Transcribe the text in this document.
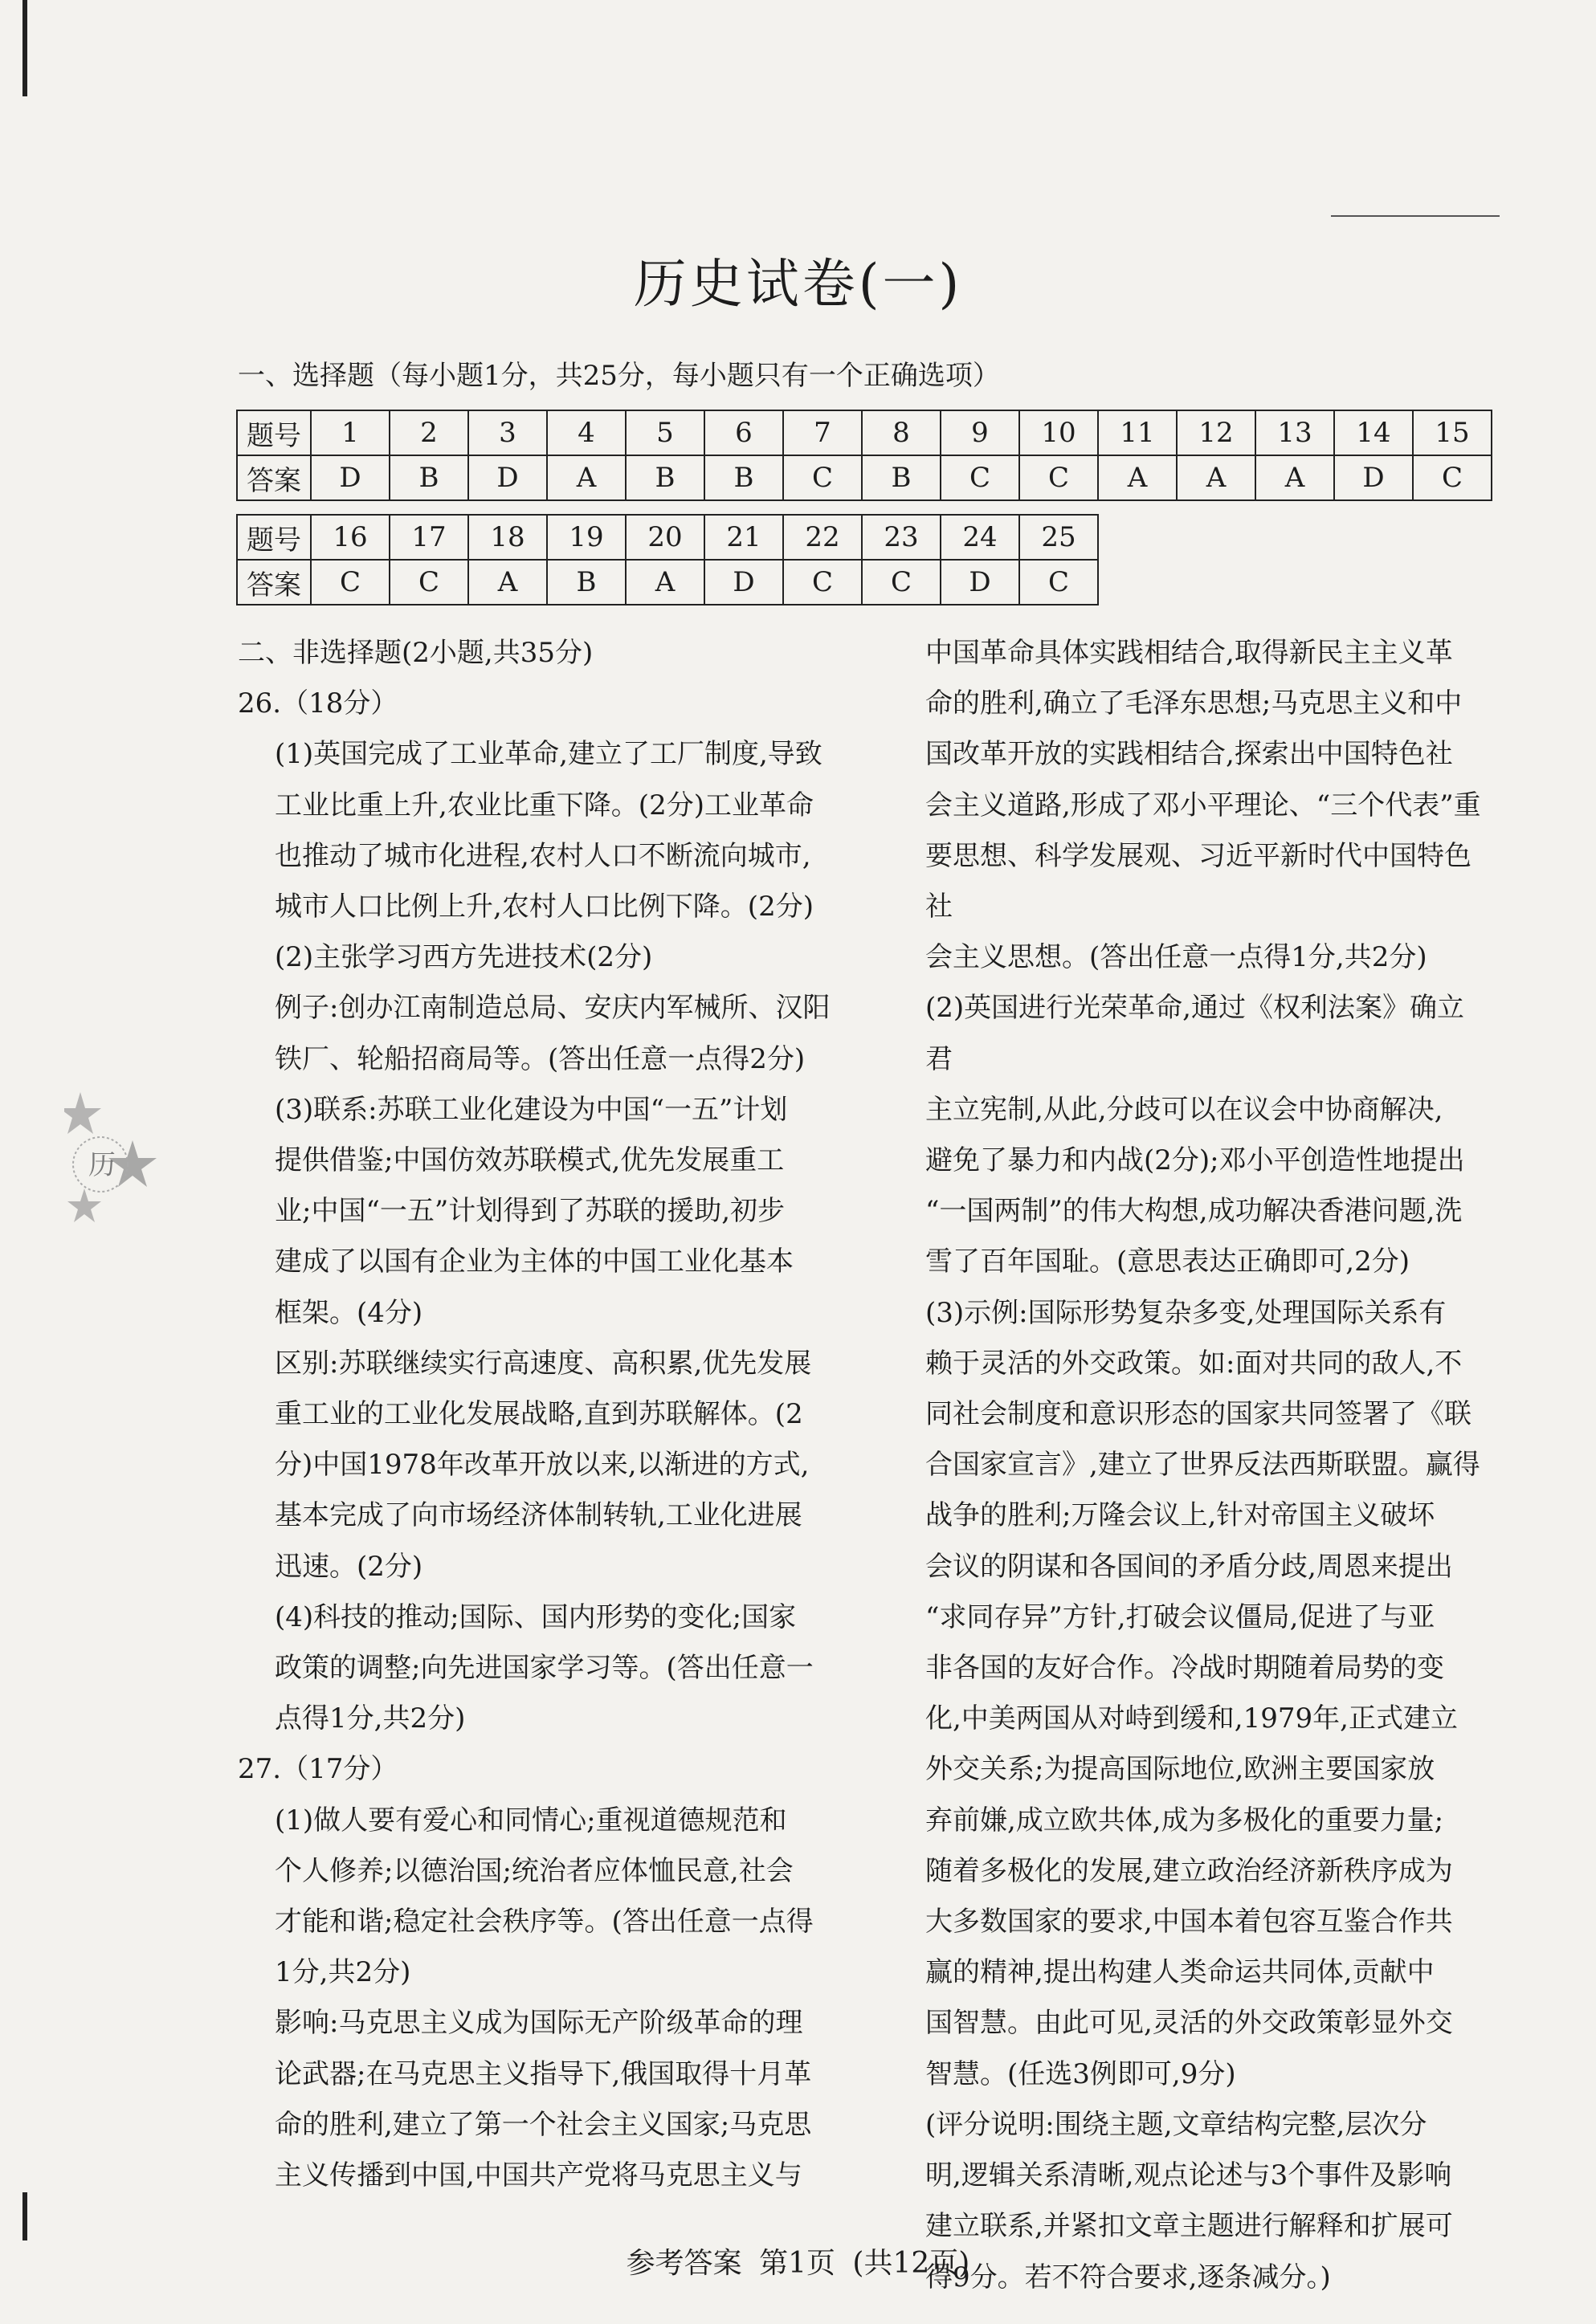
历史试卷(一)
一、选择题（每小题1分，共25分，每小题只有一个正确选项）
题号	1	2	3	4	5	6	7	8	9	10	11	12	13	14	15
答案	D	B	D	A	B	B	C	B	C	C	A	A	A	D	C
题号	16	17	18	19	20	21	22	23	24	25
答案	C	C	A	B	A	D	C	C	D	C

二、非选择题(2小题,共35分)

26.（18分）

(1)英国完成了工业革命,建立了工厂制度,导致

工业比重上升,农业比重下降。(2分)工业革命

也推动了城市化进程,农村人口不断流向城市,

城市人口比例上升,农村人口比例下降。(2分)

(2)主张学习西方先进技术(2分)

例子:创办江南制造总局、安庆内军械所、汉阳

铁厂、轮船招商局等。(答出任意一点得2分)

(3)联系:苏联工业化建设为中国“一五”计划

提供借鉴;中国仿效苏联模式,优先发展重工

业;中国“一五”计划得到了苏联的援助,初步

建成了以国有企业为主体的中国工业化基本

框架。(4分)

区别:苏联继续实行高速度、高积累,优先发展

重工业的工业化发展战略,直到苏联解体。(2

分)中国1978年改革开放以来,以渐进的方式,

基本完成了向市场经济体制转轨,工业化进展

迅速。(2分)

(4)科技的推动;国际、国内形势的变化;国家

政策的调整;向先进国家学习等。(答出任意一

点得1分,共2分)

27.（17分）

(1)做人要有爱心和同情心;重视道德规范和

个人修养;以德治国;统治者应体恤民意,社会

才能和谐;稳定社会秩序等。(答出任意一点得

1分,共2分)

影响:马克思主义成为国际无产阶级革命的理

论武器;在马克思主义指导下,俄国取得十月革

命的胜利,建立了第一个社会主义国家;马克思

主义传播到中国,中国共产党将马克思主义与

中国革命具体实践相结合,取得新民主主义革

命的胜利,确立了毛泽东思想;马克思主义和中

国改革开放的实践相结合,探索出中国特色社

会主义道路,形成了邓小平理论、“三个代表”重

要思想、科学发展观、习近平新时代中国特色社

会主义思想。(答出任意一点得1分,共2分)

(2)英国进行光荣革命,通过《权利法案》确立君

主立宪制,从此,分歧可以在议会中协商解决,

避免了暴力和内战(2分);邓小平创造性地提出

“一国两制”的伟大构想,成功解决香港问题,洗

雪了百年国耻。(意思表达正确即可,2分)

(3)示例:国际形势复杂多变,处理国际关系有

赖于灵活的外交政策。如:面对共同的敌人,不

同社会制度和意识形态的国家共同签署了《联

合国家宣言》,建立了世界反法西斯联盟。赢得

战争的胜利;万隆会议上,针对帝国主义破坏

会议的阴谋和各国间的矛盾分歧,周恩来提出

“求同存异”方针,打破会议僵局,促进了与亚

非各国的友好合作。冷战时期随着局势的变

化,中美两国从对峙到缓和,1979年,正式建立

外交关系;为提高国际地位,欧洲主要国家放

弃前嫌,成立欧共体,成为多极化的重要力量;

随着多极化的发展,建立政治经济新秩序成为

大多数国家的要求,中国本着包容互鉴合作共

赢的精神,提出构建人类命运共同体,贡献中

国智慧。由此可见,灵活的外交政策彰显外交

智慧。(任选3例即可,9分)

(评分说明:围绕主题,文章结构完整,层次分

明,逻辑关系清晰,观点论述与3个事件及影响

建立联系,并紧扣文章主题进行解释和扩展可

得9分。若不符合要求,逐条减分。)

历
参考答案 第1页 (共12页)
